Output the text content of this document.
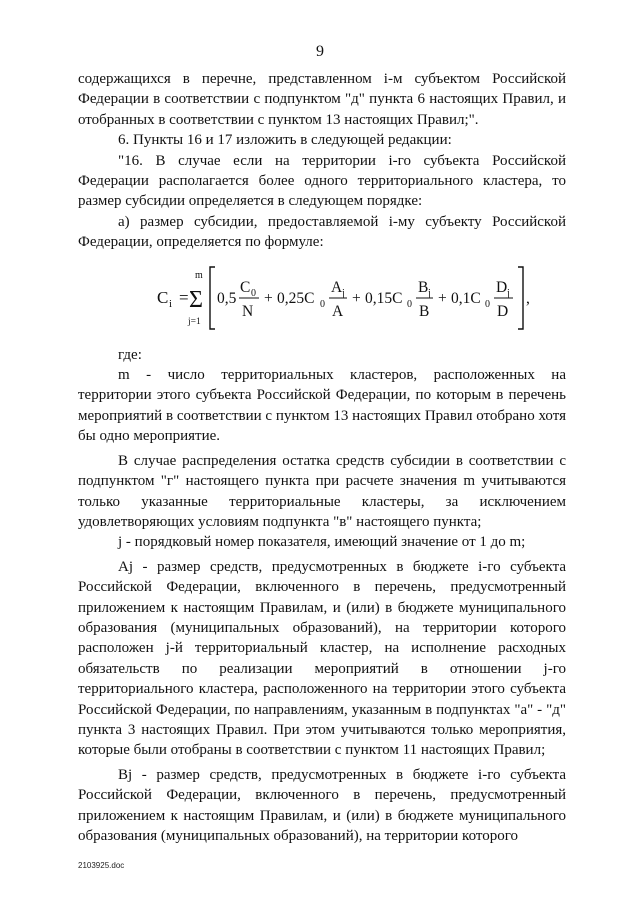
9

содержащихся в перечне, представленном i-м субъектом Российской Федерации в соответствии с подпунктом "д" пункта 6 настоящих Правил, и отобранных в соответствии с пунктом 13 настоящих Правил;".

6. Пункты 16 и 17 изложить в следующей редакции:

"16. В случае если на территории i-го субъекта Российской Федерации располагается более одного территориального кластера, то размер субсидии определяется в следующем порядке:

а) размер субсидии, предоставляемой i-му субъекту Российской Федерации, определяется по формуле:

C i =
m
Σ
j=1
0,5
C 0
N
+ 0,25C 0
A j
A
+ 0,15C 0
B j
B
+ 0,1C 0
D j
D
,

где:

m - число территориальных кластеров, расположенных на территории этого субъекта Российской Федерации, по которым в перечень мероприятий в соответствии с пунктом 13 настоящих Правил отобрано хотя бы одно мероприятие.

В случае распределения остатка средств субсидии в соответствии с подпунктом "г" настоящего пункта при расчете значения m учитываются только указанные территориальные кластеры, за исключением удовлетворяющих условиям подпункта "в" настоящего пункта;

j - порядковый номер показателя, имеющий значение от 1 до m;

Aj - размер средств, предусмотренных в бюджете i-го субъекта Российской Федерации, включенного в перечень, предусмотренный приложением к настоящим Правилам, и (или) в бюджете муниципального образования (муниципальных образований), на территории которого расположен j-й территориальный кластер, на исполнение расходных обязательств по реализации мероприятий в отношении j-го территориального кластера, расположенного на территории этого субъекта Российской Федерации, по направлениям, указанным в подпунктах "а" - "д" пункта 3 настоящих Правил. При этом учитываются только мероприятия, которые были отобраны в соответствии с пунктом 11 настоящих Правил;

Bj - размер средств, предусмотренных в бюджете i-го субъекта Российской Федерации, включенного в перечень, предусмотренный приложением к настоящим Правилам, и (или) в бюджете муниципального образования (муниципальных образований), на территории которого

2103925.doc
